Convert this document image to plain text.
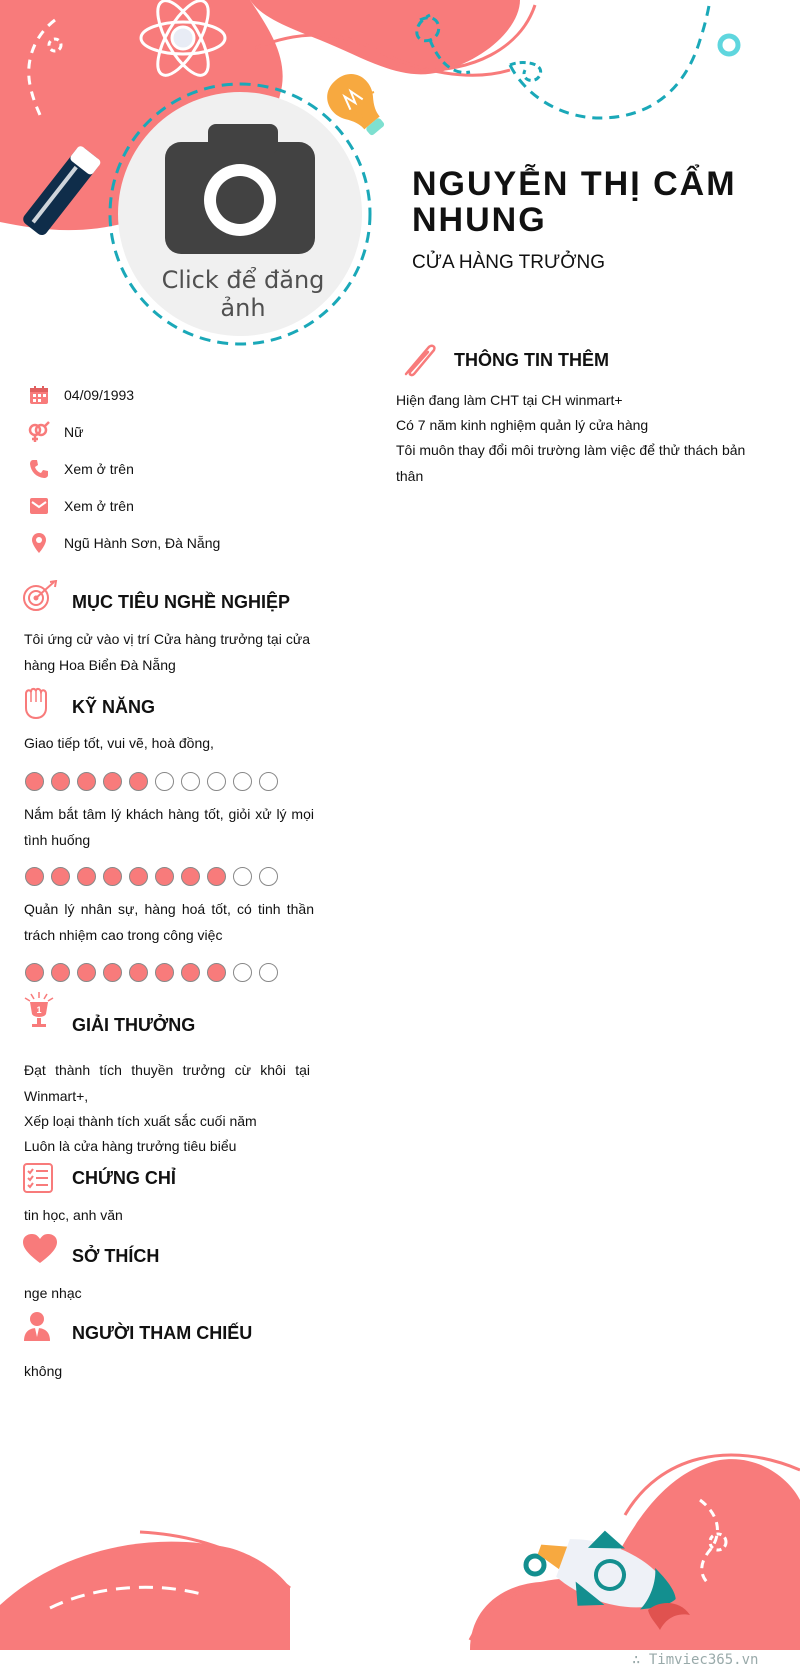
Click để đăng ảnh
NGUYỄN THỊ CẨM NHUNG
CỬA HÀNG TRƯỞNG
04/09/1993
Nữ
Xem ở trên
Xem ở trên
Ngũ Hành Sơn, Đà Nẵng
MỤC TIÊU NGHỀ NGHIỆP
Tôi ứng cử vào vị trí Cửa hàng trưởng tại cửa hàng Hoa Biển Đà Nẵng
KỸ NĂNG
Giao tiếp tốt, vui vẽ, hoà đồng,
Nắm bắt tâm lý khách hàng tốt, giỏi xử lý mọi tình huống
Quản lý nhân sự, hàng hoá tốt, có tinh thần trách nhiệm cao trong công việc
1
GIẢI THƯỞNG
Đạt thành tích thuyền trưởng cừ khôi tại Winmart+,
Xếp loại thành tích xuất sắc cuối năm
Luôn là cửa hàng trưởng tiêu biểu
CHỨNG CHỈ
tin học, anh văn
SỞ THÍCH
nge nhạc
NGƯỜI THAM CHIẾU
không
THÔNG TIN THÊM
Hiện đang làm CHT tại CH winmart+
Có 7 năm kinh nghiệm quản lý cửa hàng
Tôi muôn thay đổi môi trường làm việc để thử thách bản thân
∴ Timviec365.vn
